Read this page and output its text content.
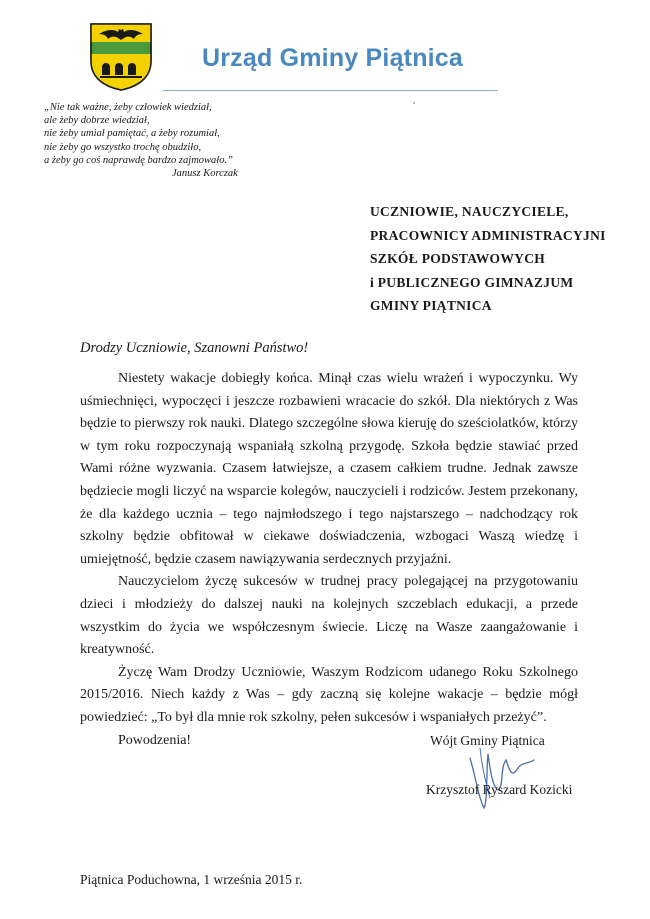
Urząd Gminy Piątnica
„Nie tak ważne, żeby człowiek wiedział,
ale żeby dobrze wiedział,
nie żeby umiał pamiętać, a żeby rozumiał,
nie żeby go wszystko trochę obudziło,
a żeby go coś naprawdę bardzo zajmowało.”
Janusz Korczak
UCZNIOWIE, NAUCZYCIELE,
PRACOWNICY ADMINISTRACYJNI
SZKÓŁ PODSTAWOWYCH
i PUBLICZNEGO GIMNAZJUM
GMINY PIĄTNICA
Drodzy Uczniowie, Szanowni Państwo!

Niestety wakacje dobiegły końca. Minął czas wielu wrażeń i wypoczynku. Wy uśmiechnięci, wypoczęci i jeszcze rozbawieni wracacie do szkół. Dla niektórych z Was będzie to pierwszy rok nauki. Dlatego szczególne słowa kieruję do sześciolatków, którzy w tym roku rozpoczynają wspaniałą szkolną przygodę. Szkoła będzie stawiać przed Wami różne wyzwania. Czasem łatwiejsze, a czasem całkiem trudne. Jednak zawsze będziecie mogli liczyć na wsparcie kolegów, nauczycieli i rodziców. Jestem przekonany, że dla każdego ucznia – tego najmłodszego i tego najstarszego – nadchodzący rok szkolny będzie obfitował w ciekawe doświadczenia, wzbogaci Waszą wiedzę i umiejętność, będzie czasem nawiązywania serdecznych przyjaźni.

Nauczycielom życzę sukcesów w trudnej pracy polegającej na przygotowaniu dzieci i młodzieży do dalszej nauki na kolejnych szczeblach edukacji, a przede wszystkim do życia we współczesnym świecie. Liczę na Wasze zaangażowanie i kreatywność.

Życzę Wam Drodzy Uczniowie, Waszym Rodzicom udanego Roku Szkolnego 2015/2016. Niech każdy z Was – gdy zaczną się kolejne wakacje – będzie mógł powiedzieć: „To był dla mnie rok szkolny, pełen sukcesów i wspaniałych przeżyć”.

Powodzenia!	Wójt Gminy Piątnica
Krzysztof Ryszard Kozicki
Piątnica Poduchowna, 1 września 2015 r.
